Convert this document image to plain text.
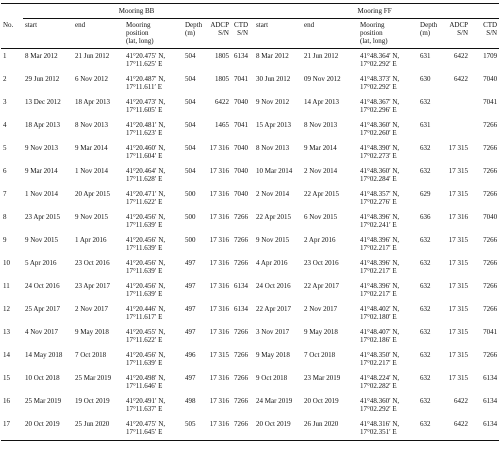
	Mooring BB						Mooring FF					
No.	start	end	Mooring
position
(lat, long)	Depth
(m)	ADCP
S/N	CTD
S/N	start	end	Mooring
position
(lat, long)	Depth
(m)	ADCP
S/N	CTD
S/N

1	8 Mar 2012	21 Jun 2012	41°20.475′ N,
17°11.625′ E	504	1805	6134	8 Mar 2012	21 Jun 2012	41°48.364′ N,
17°02.292′ E	631	6422	1709
2	29 Jun 2012	6 Nov 2012	41°20.487′ N,
17°11.611′ E	504	1805	7041	30 Jun 2012	09 Nov 2012	41°48.373′ N,
17°02.292′ E	630	6422	7040
3	13 Dec 2012	18 Apr 2013	41°20.473′ N,
17°11.605′ E	504	6422	7040	9 Nov 2012	14 Apr 2013	41°48.367′ N,
17°02.296′ E	632		7041
4	18 Apr 2013	8 Nov 2013	41°20.481′ N,
17°11.623′ E	504	1465	7041	15 Apr 2013	8 Nov 2013	41°48.360′ N,
17°02.260′ E	631		7266
5	9 Nov 2013	9 Mar 2014	41°20.460′ N,
17°11.604′ E	504	17 316	7040	8 Nov 2013	9 Mar 2014	41°48.390′ N,
17°02.273′ E	632	17 315	7266
6	9 Mar 2014	1 Nov 2014	41°20.464′ N,
17°11.628′ E	504	17 316	7040	10 Mar 2014	2 Nov 2014	41°48.360′ N,
17°02.284′ E	632	17 315	7266
7	1 Nov 2014	20 Apr 2015	41°20.471′ N,
17°11.622′ E	500	17 316	7040	2 Nov 2014	22 Apr 2015	41°48.357′ N,
17°02.276′ E	629	17 315	7266
8	23 Apr 2015	9 Nov 2015	41°20.456′ N,
17°11.639′ E	500	17 316	7266	22 Apr 2015	6 Nov 2015	41°48.396′ N,
17°02.241′ E	636	17 316	7040
9	9 Nov 2015	1 Apr 2016	41°20.456′ N,
17°11.639′ E	500	17 316	7266	9 Nov 2015	2 Apr 2016	41°48.396′ N,
17°02.217′ E	632	17 315	7266
10	5 Apr 2016	23 Oct 2016	41°20.456′ N,
17°11.639′ E	497	17 316	7266	4 Apr 2016	23 Oct 2016	41°48.396′ N,
17°02.217′ E	632	17 315	7266
11	24 Oct 2016	23 Apr 2017	41°20.456′ N,
17°11.639′ E	497	17 316	6134	24 Oct 2016	22 Apr 2017	41°48.396′ N,
17°02.217′ E	632	17 315	7266
12	25 Apr 2017	2 Nov 2017	41°20.446′ N,
17°11.617′ E	497	17 316	6134	22 Apr 2017	2 Nov 2017	41°48.402′ N,
17°02.180′ E	632	17 315	7266
13	4 Nov 2017	9 May 2018	41°20.455′ N,
17°11.622′ E	497	17 316	7266	3 Nov 2017	9 May 2018	41°48.407′ N,
17°02.186′ E	632	17 315	7041
14	14 May 2018	7 Oct 2018	41°20.456′ N,
17°11.639′ E	496	17 315	7266	9 May 2018	7 Oct 2018	41°48.350′ N,
17°02.217′ E	632	17 315	7266
15	10 Oct 2018	25 Mar 2019	41°20.498′ N,
17°11.646′ E	497	17 316	7266	9 Oct 2018	23 Mar 2019	41°48.224′ N,
17°02.282′ E	632	17 315	6134
16	25 Mar 2019	19 Oct 2019	41°20.491′ N,
17°11.637′ E	498	17 316	7266	24 Mar 2019	20 Oct 2019	41°48.360′ N,
17°02.292′ E	632	6422	6134
17	20 Oct 2019	25 Jun 2020	41°20.475′ N,
17°11.645′ E	505	17 316	7266	20 Oct 2019	26 Jun 2020	41°48.316′ N,
17°02.351′ E	632	6422	6134
